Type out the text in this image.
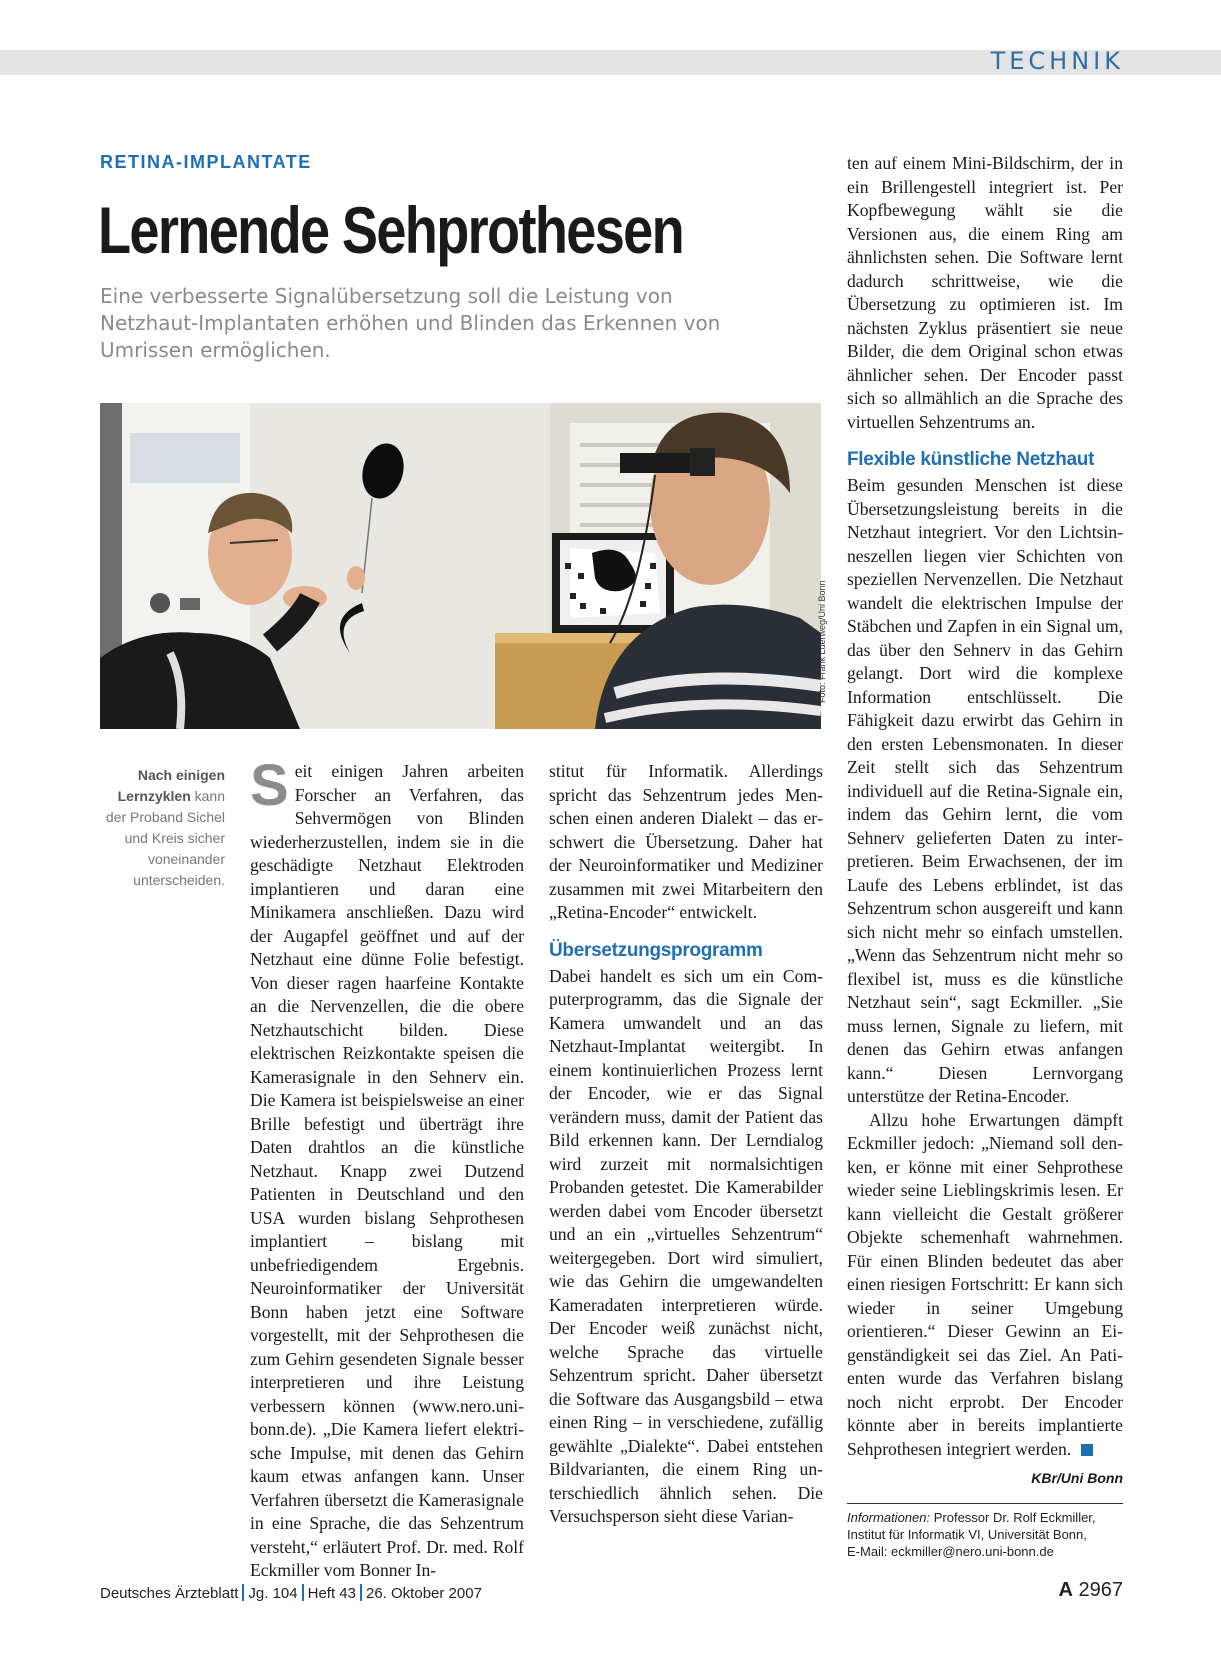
TECHNIK
RETINA-IMPLANTATE
Lernende Sehprothesen
Eine verbesserte Signalübersetzung soll die Leistung von Netzhaut-Implantaten erhöhen und Blinden das Erkennen von Umrissen ermöglichen.
Foto: Frank Luerweg/Uni Bonn
Nach einigen Lernzyklen kann der Proband Sichel und Kreis sicher voneinander unterscheiden.

Seit einigen Jahren arbeiten Forscher an Verfahren, das Sehvermögen von Blinden wiederherzustellen, indem sie in die geschädigte Netzhaut Elektroden implantieren und daran eine Minikamera anschließen. Dazu wird der Augapfel geöffnet und auf der Netzhaut eine dünne Folie befestigt. Von dieser ragen haarfeine Kontakte an die Nervenzellen, die die obere Netzhautschicht bilden. Diese elektrischen Reizkontakte speisen die Kamerasignale in den Sehnerv ein. Die Kamera ist beispielsweise an einer Brille befestigt und überträgt ihre Daten drahtlos an die künstliche Netzhaut. Knapp zwei Dutzend Patienten in Deutschland und den USA wurden bislang Sehprothesen implantiert – bislang mit unbefriedigendem Ergebnis. Neuroinformatiker der Universität Bonn haben jetzt eine Software vorgestellt, mit der Sehprothesen die zum Gehirn gesendeten Signale besser interpretieren und ihre Leistung verbessern können (www.nero.uni-bonn.de). „Die Kamera liefert elektrische Impulse, mit denen das Gehirn kaum etwas anfangen kann. Unser Verfahren übersetzt die Kamerasignale in eine Sprache, die das Sehzentrum versteht,“ erläutert Prof. Dr. med. Rolf Eckmiller vom Bonner In-

stitut für Informatik. Allerdings spricht das Sehzentrum jedes Menschen einen anderen Dialekt – das erschwert die Übersetzung. Daher hat der Neuroinformatiker und Mediziner zusammen mit zwei Mitarbeitern den „Retina-Encoder“ entwickelt.

Übersetzungsprogramm

Dabei handelt es sich um ein Computerprogramm, das die Signale der Kamera umwandelt und an das Netzhaut-Implantat weitergibt. In einem kontinuierlichen Prozess lernt der Encoder, wie er das Signal verändern muss, damit der Patient das Bild erkennen kann. Der Lerndialog wird zurzeit mit normalsichtigen Probanden getestet. Die Kamerabilder werden dabei vom Encoder übersetzt und an ein „virtuelles Sehzentrum“ weitergegeben. Dort wird simuliert, wie das Gehirn die umgewandelten Kameradaten interpretieren würde. Der Encoder weiß zunächst nicht, welche Sprache das virtuelle Sehzentrum spricht. Daher übersetzt die Software das Ausgangsbild – etwa einen Ring – in verschiedene, zufällig gewählte „Dialekte“. Dabei entstehen Bildvarianten, die einem Ring unterschiedlich ähnlich sehen. Die Versuchsperson sieht diese Varian-

ten auf einem Mini-Bildschirm, der in ein Brillengestell integriert ist. Per Kopfbewegung wählt sie die Versionen aus, die einem Ring am ähnlichsten sehen. Die Software lernt dadurch schrittweise, wie die Übersetzung zu optimieren ist. Im nächsten Zyklus präsentiert sie neue Bilder, die dem Original schon etwas ähnlicher sehen. Der Encoder passt sich so allmählich an die Sprache des virtuellen Sehzentrums an.

Flexible künstliche Netzhaut

Beim gesunden Menschen ist diese Übersetzungsleistung bereits in die Netzhaut integriert. Vor den Lichtsinneszellen liegen vier Schichten von speziellen Nervenzellen. Die Netzhaut wandelt die elektrischen Impulse der Stäbchen und Zapfen in ein Signal um, das über den Sehnerv in das Gehirn gelangt. Dort wird die komplexe Information entschlüsselt. Die Fähigkeit dazu erwirbt das Gehirn in den ersten Lebensmonaten. In dieser Zeit stellt sich das Sehzentrum individuell auf die Retina-Signale ein, indem das Gehirn lernt, die vom Sehnerv gelieferten Daten zu interpretieren. Beim Erwachsenen, der im Laufe des Lebens erblindet, ist das Sehzentrum schon ausgereift und kann sich nicht mehr so einfach umstellen. „Wenn das Sehzentrum nicht mehr so flexibel ist, muss es die künstliche Netzhaut sein“, sagt Eckmiller. „Sie muss lernen, Signale zu liefern, mit denen das Gehirn etwas anfangen kann.“ Diesen Lernvorgang unterstütze der Retina-Encoder.

Allzu hohe Erwartungen dämpft Eckmiller jedoch: „Niemand soll denken, er könne mit einer Sehprothese wieder seine Lieblingskrimis lesen. Er kann vielleicht die Gestalt größerer Objekte schemenhaft wahrnehmen. Für einen Blinden bedeutet das aber einen riesigen Fortschritt: Er kann sich wieder in seiner Umgebung orientieren.“ Dieser Gewinn an Eigenständigkeit sei das Ziel. An Patienten wurde das Verfahren bislang noch nicht erprobt. Der Encoder könnte aber in bereits implantierte Sehprothesen integriert werden.

KBr/Uni Bonn
Informationen: Professor Dr. Rolf Eckmiller, Institut für Informatik VI, Universität Bonn,
E-Mail: eckmiller@nero.uni-bonn.de
Deutsches Ärzteblatt Jg. 104 Heft 43 26. Oktober 2007	A 2967
